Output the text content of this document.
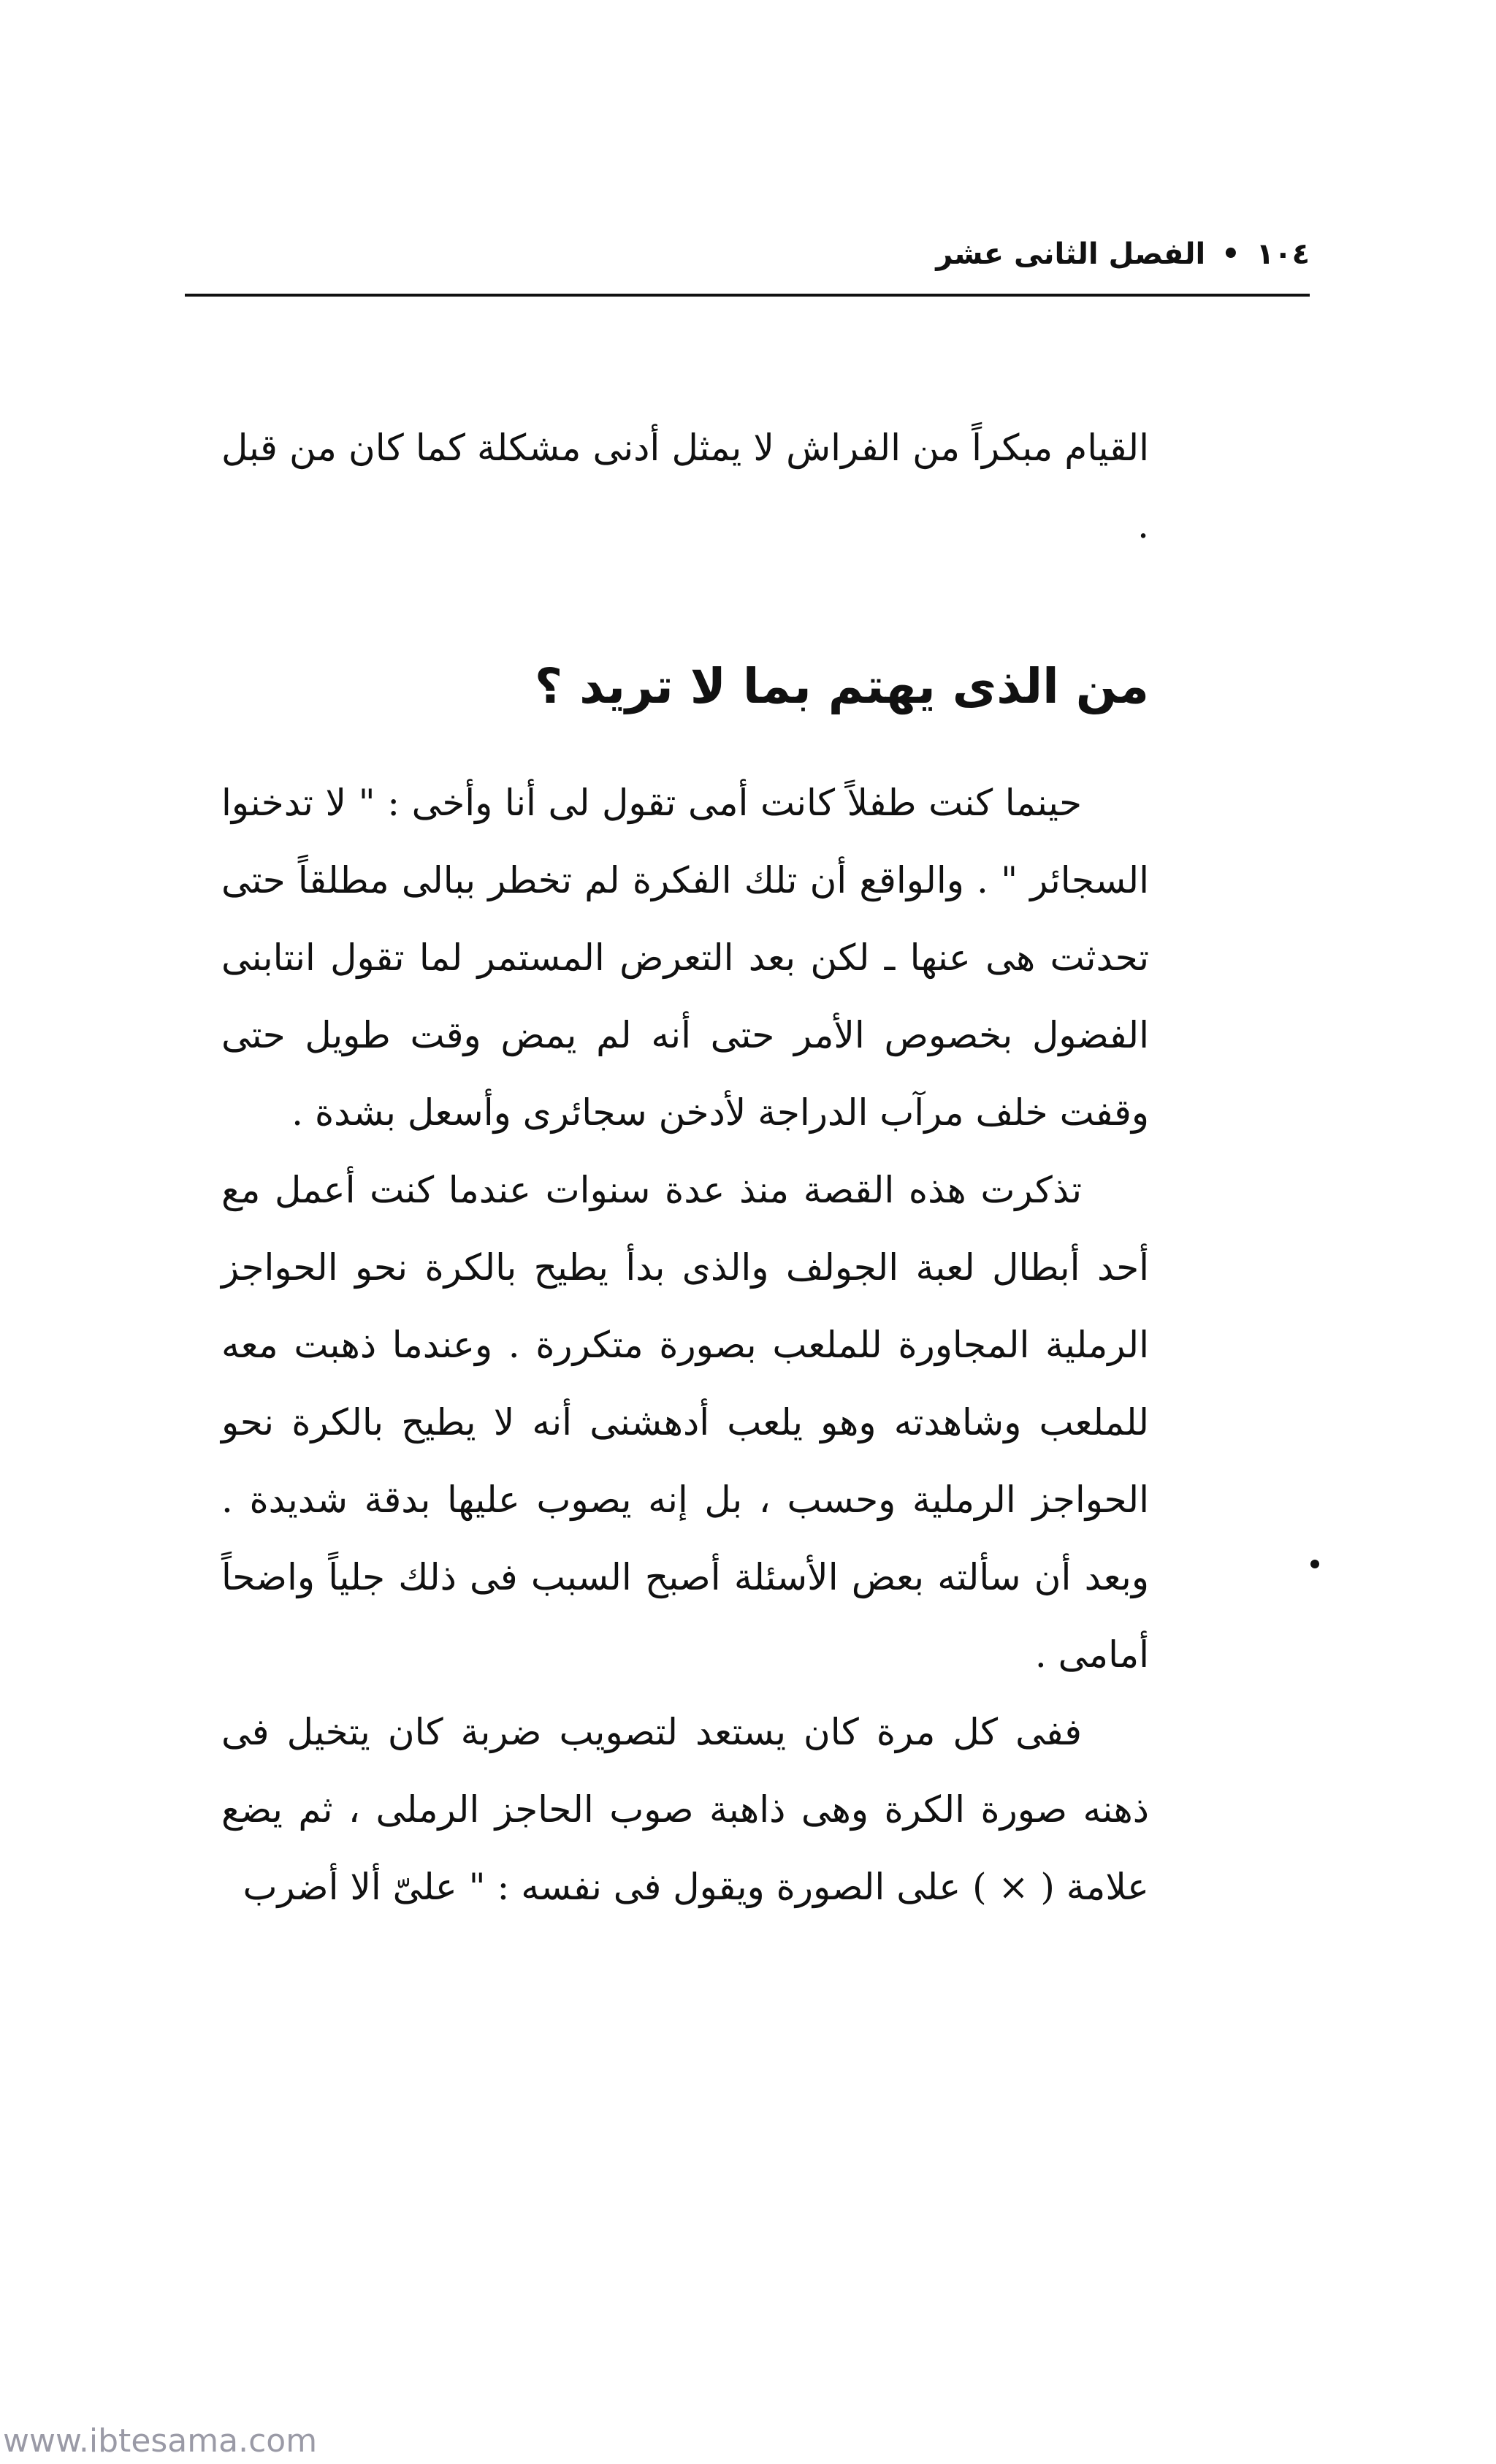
١٠٤
•
الفصل الثانى عشر

القيام مبكراً من الفراش لا يمثل أدنى مشكلة كما كان من قبل .

من الذى يهتم بما لا تريد ؟

حينما كنت طفلاً كانت أمى تقول لى أنا وأخى : " لا تدخنوا السجائر " . والواقع أن تلك الفكرة لم تخطر ببالى مطلقاً حتى تحدثت هى عنها ـ لكن بعد التعرض المستمر لما تقول انتابنى الفضول بخصوص الأمر حتى أنه لم يمض وقت طويل حتى وقفت خلف مرآب الدراجة لأدخن سجائرى وأسعل بشدة .

تذكرت هذه القصة منذ عدة سنوات عندما كنت أعمل مع أحد أبطال لعبة الجولف والذى بدأ يطيح بالكرة نحو الحواجز الرملية المجاورة للملعب بصورة متكررة . وعندما ذهبت معه للملعب وشاهدته وهو يلعب أدهشنى أنه لا يطيح بالكرة نحو الحواجز الرملية وحسب ، بل إنه يصوب عليها بدقة شديدة . وبعد أن سألته بعض الأسئلة أصبح السبب فى ذلك جلياً واضحاً أمامى .

ففى كل مرة كان يستعد لتصويب ضربة كان يتخيل فى ذهنه صورة الكرة وهى ذاهبة صوب الحاجز الرملى ، ثم يضع علامة ( × ) على الصورة ويقول فى نفسه : " علىّ ألا أضرب

www.ibtesama.com
